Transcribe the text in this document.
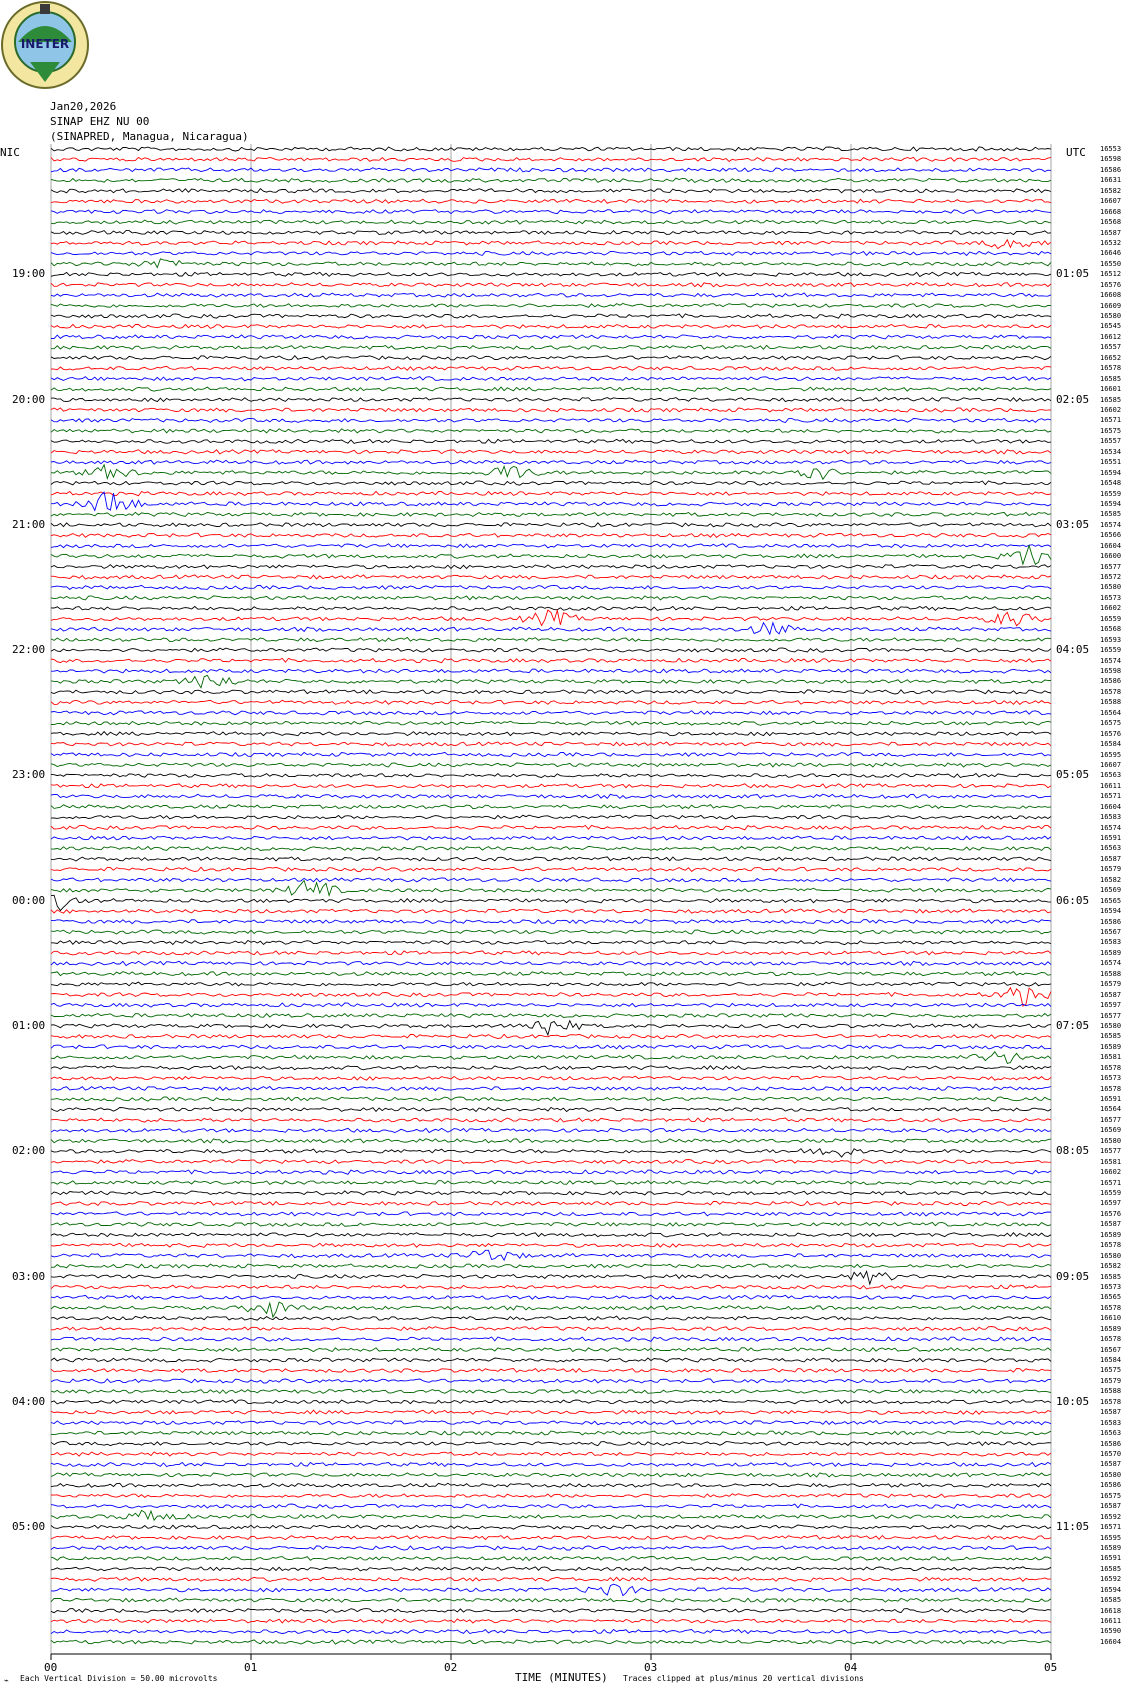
INETER
Jan20,2026
SINAP EHZ NU 00
(SINAPRED, Managua, Nicaragua)
NIC	UTC
00	01	02	03	04	05
16553
16598
16586
16631
16582
16607
16668
16568
16587
16532
16646
16550
16512
16576
16608
16609
16580
16545
16612
16557
16652
16578
16585
16601
16585
16602
16571
16575
16557
16534
16551
16594
16548
16559
16594
16585
16574
16566
16604
16600
16577
16572
16580
16573
16602
16559
16568
16593
16559
16574
16598
16586
16578
16588
16564
16575
16576
16584
16595
16607
16563
16611
16571
16604
16583
16574
16591
16563
16587
16579
16582
16569
16565
16594
16586
16567
16583
16589
16574
16588
16579
16587
16597
16577
16580
16585
16589
16581
16578
16573
16578
16591
16564
16577
16569
16580
16577
16581
16602
16571
16559
16597
16576
16587
16589
16578
16580
16582
16585
16573
16565
16578
16610
16589
16578
16567
16584
16575
16579
16588
16578
16587
16583
16563
16586
16570
16587
16580
16586
16575
16587
16592
16571
16595
16589
16591
16585
16592
16594
16585
16618
16611
16590
16604
19:00
20:00
21:00
22:00
23:00
00:00
01:00
02:00
03:00
04:00
05:00
01:05
02:05
03:05
04:05
05:05
06:05
07:05
08:05
09:05
10:05
11:05
⌁ Each Vertical Division = 50.00 microvolts	TIME (MINUTES) Traces clipped at plus/minus 20 vertical divisions
